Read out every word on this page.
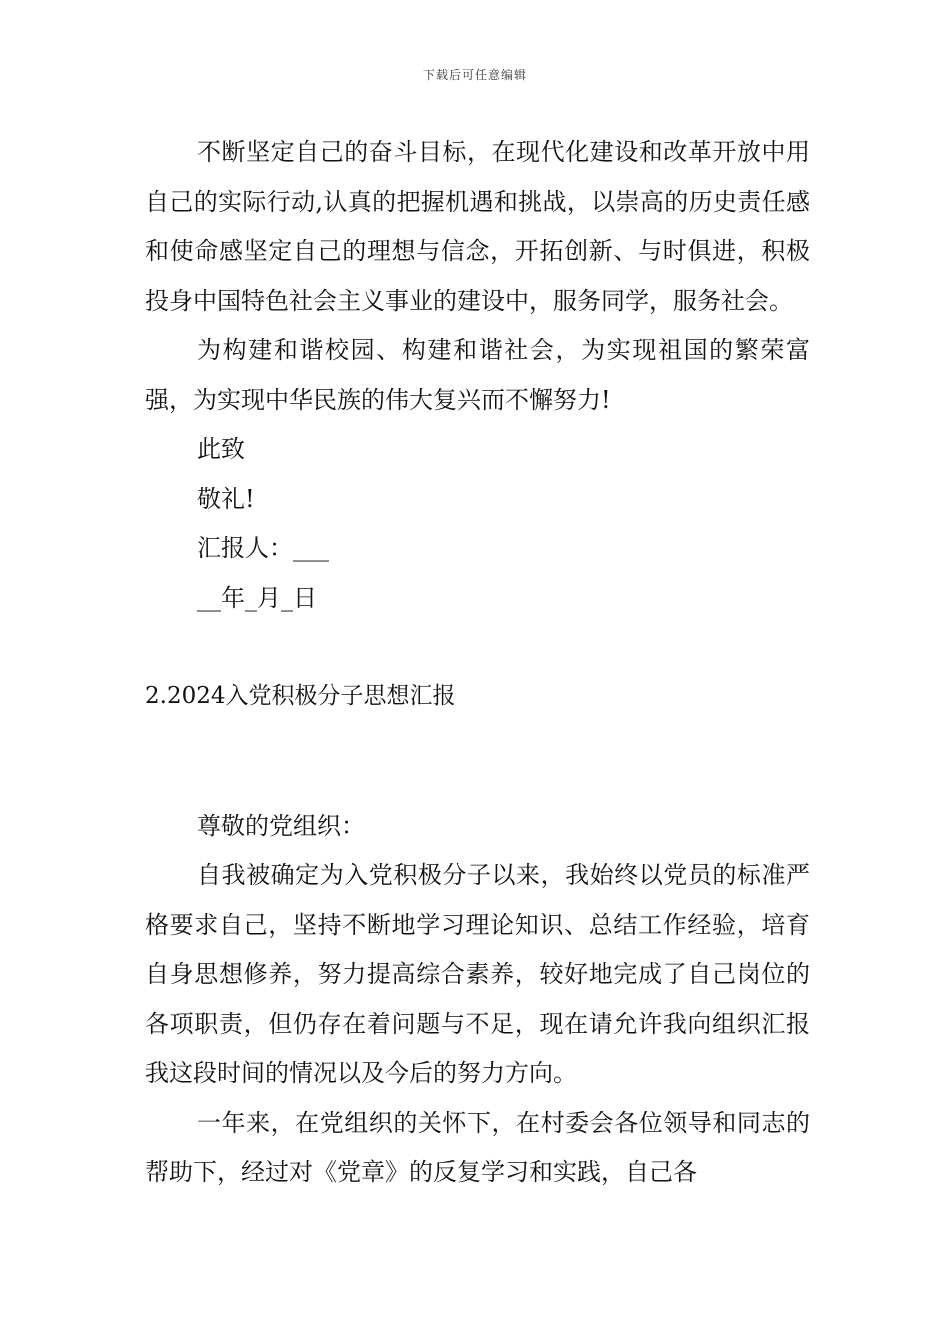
下载后可任意编辑

不断坚定自己的奋斗目标，在现代化建设和改革开放中用自己的实际行动,认真的把握机遇和挑战，以崇高的历史责任感和使命感坚定自己的理想与信念，开拓创新、与时俱进，积极投身中国特色社会主义事业的建设中，服务同学，服务社会。

为构建和谐校园、构建和谐社会，为实现祖国的繁荣富强，为实现中华民族的伟大复兴而不懈努力!

此致

敬礼!

汇报人：___

__年_月_日

2.2024入党积极分子思想汇报

尊敬的党组织：

自我被确定为入党积极分子以来，我始终以党员的标准严格要求自己，坚持不断地学习理论知识、总结工作经验，培育自身思想修养，努力提高综合素养，较好地完成了自己岗位的各项职责，但仍存在着问题与不足，现在请允许我向组织汇报我这段时间的情况以及今后的努力方向。

一年来，在党组织的关怀下，在村委会各位领导和同志的帮助下，经过对《党章》的反复学习和实践，自己各
